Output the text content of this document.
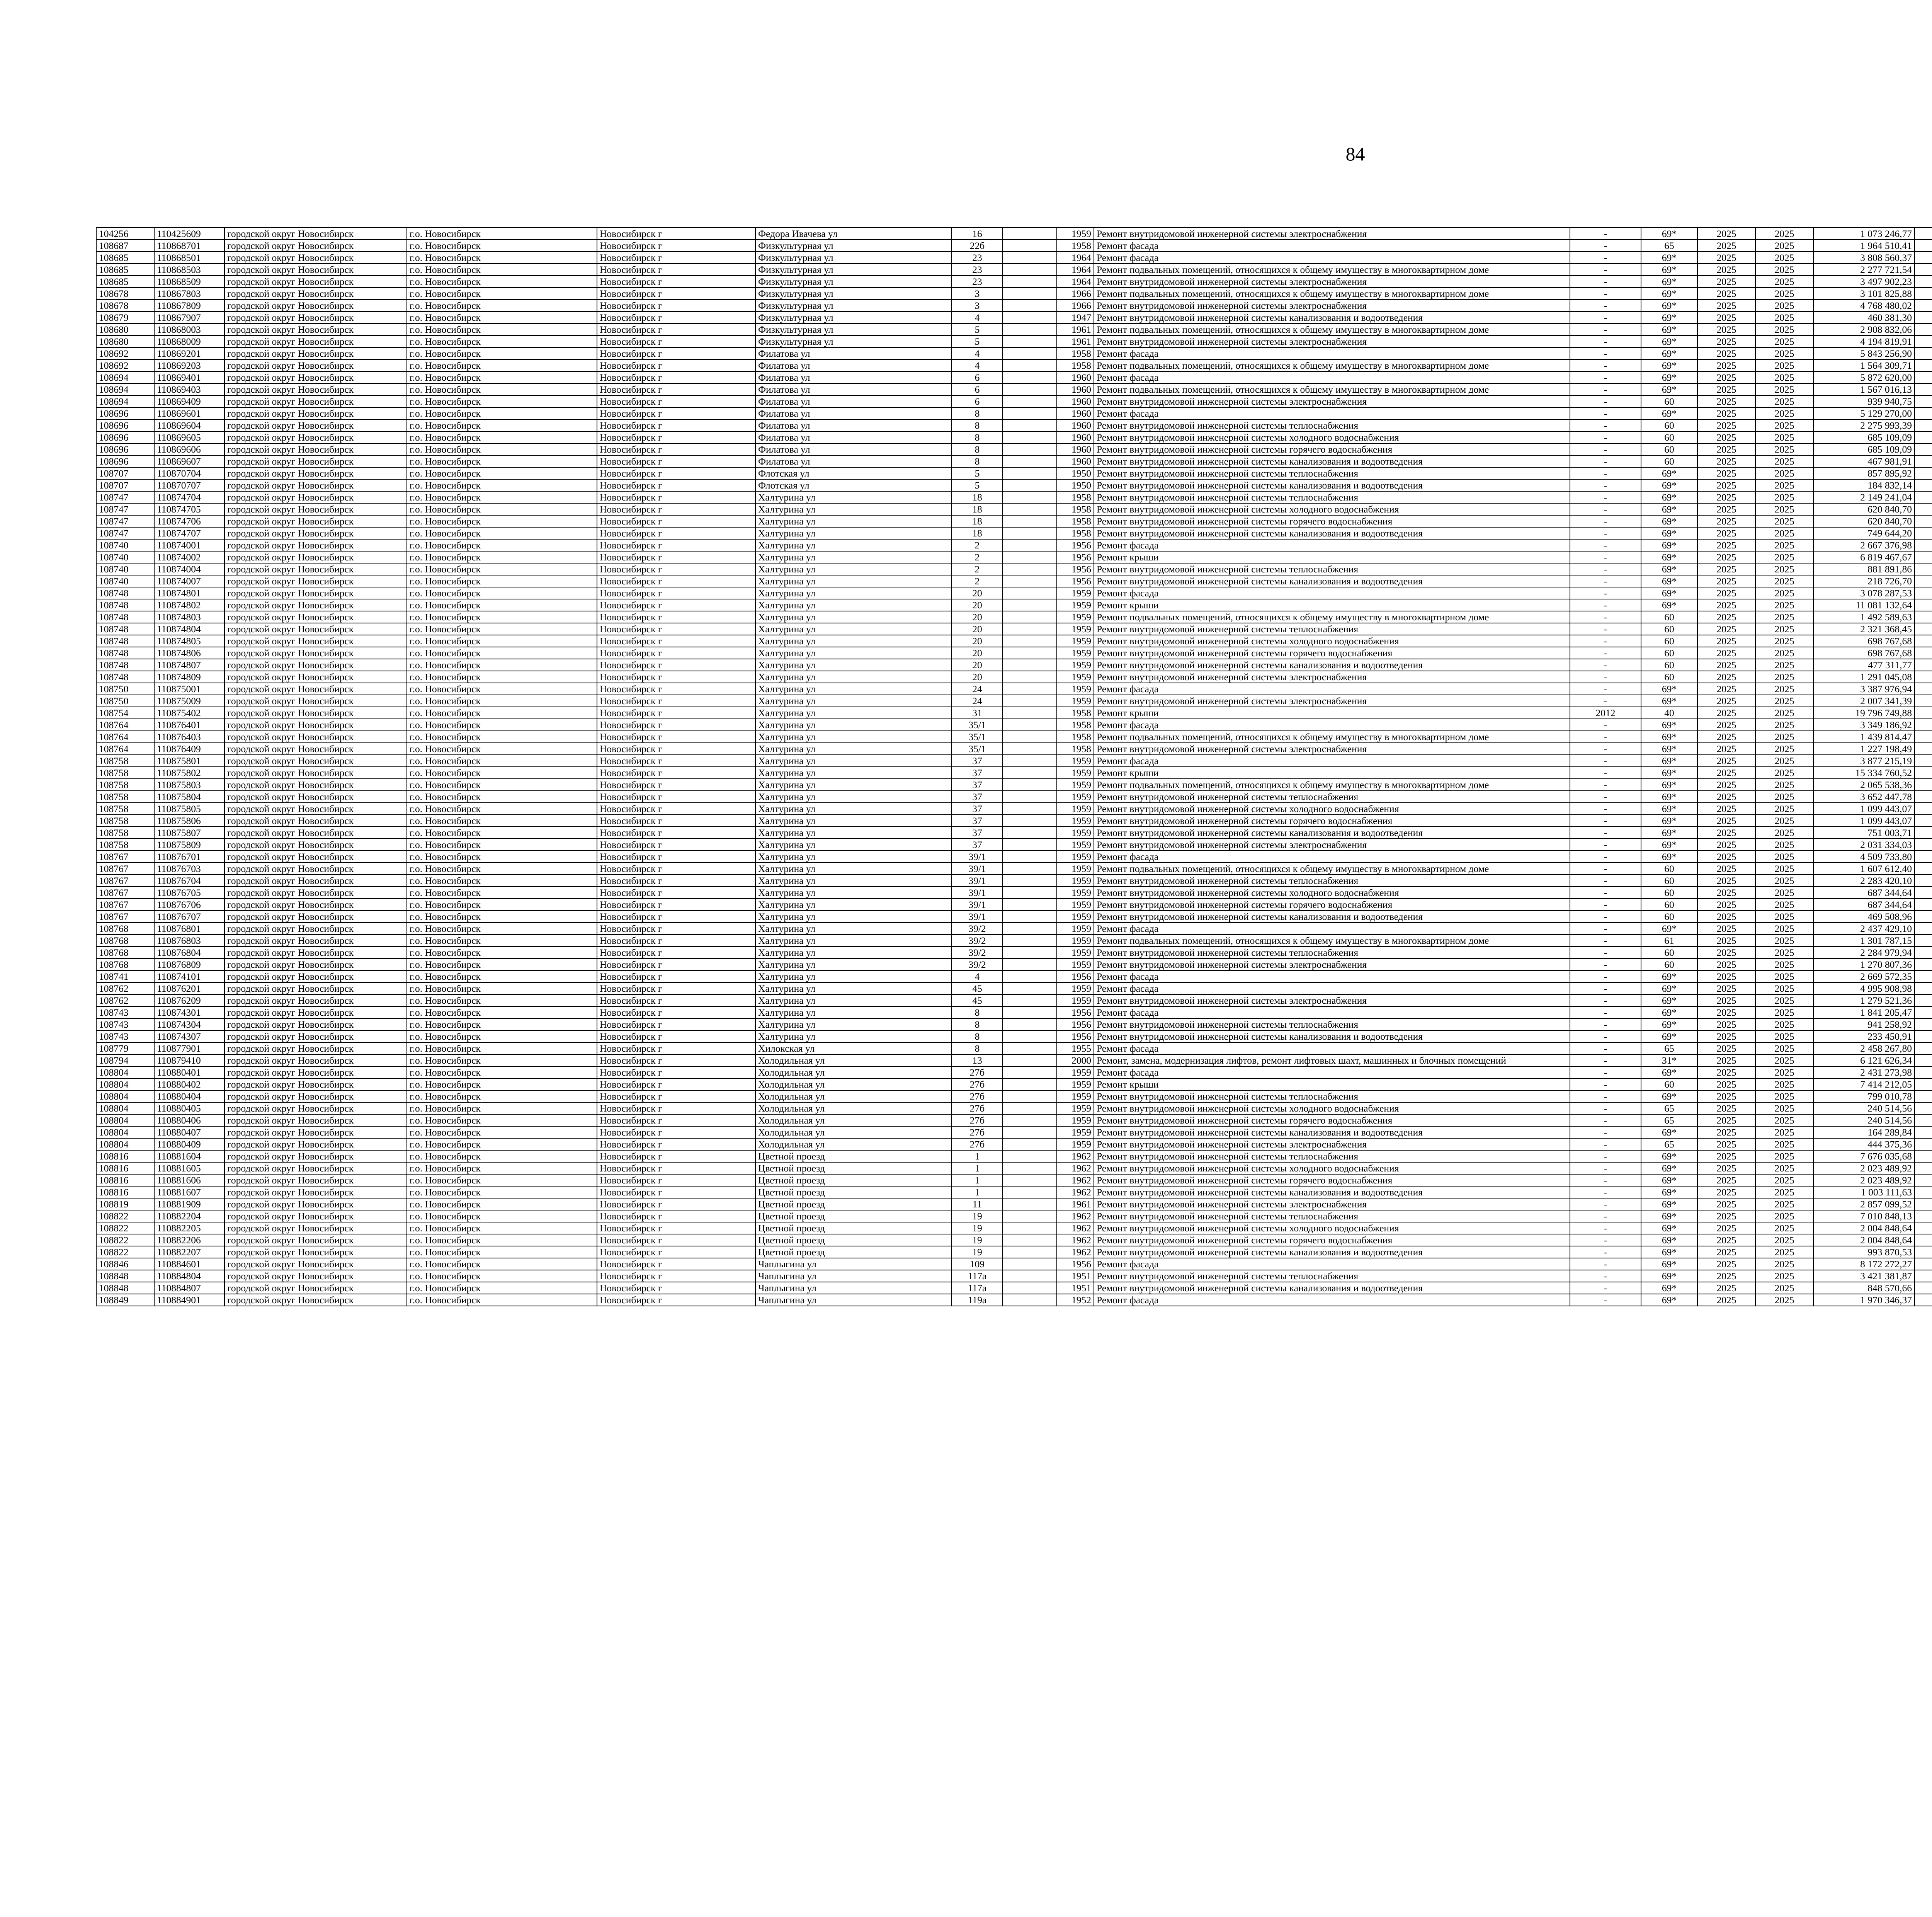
84
104256	110425609	городской округ Новосибирск	г.о. Новосибирск	Новосибирск г	Федора Ивачева ул	16		1959	Ремонт внутридомовой инженерной системы электроснабжения	-	69*	2025	2025	1 073 246,77						
108687	110868701	городской округ Новосибирск	г.о. Новосибирск	Новосибирск г	Физкультурная ул	22б		1958	Ремонт фасада	-	65	2025	2025	1 964 510,41						
108685	110868501	городской округ Новосибирск	г.о. Новосибирск	Новосибирск г	Физкультурная ул	23		1964	Ремонт фасада	-	69*	2025	2025	3 808 560,37						
108685	110868503	городской округ Новосибирск	г.о. Новосибирск	Новосибирск г	Физкультурная ул	23		1964	Ремонт подвальных помещений, относящихся к общему имуществу в многоквартирном доме	-	69*	2025	2025	2 277 721,54						
108685	110868509	городской округ Новосибирск	г.о. Новосибирск	Новосибирск г	Физкультурная ул	23		1964	Ремонт внутридомовой инженерной системы электроснабжения	-	69*	2025	2025	3 497 902,23						
108678	110867803	городской округ Новосибирск	г.о. Новосибирск	Новосибирск г	Физкультурная ул	3		1966	Ремонт подвальных помещений, относящихся к общему имуществу в многоквартирном доме	-	69*	2025	2025	3 101 825,88						
108678	110867809	городской округ Новосибирск	г.о. Новосибирск	Новосибирск г	Физкультурная ул	3		1966	Ремонт внутридомовой инженерной системы электроснабжения	-	69*	2025	2025	4 768 480,02						
108679	110867907	городской округ Новосибирск	г.о. Новосибирск	Новосибирск г	Физкультурная ул	4		1947	Ремонт внутридомовой инженерной системы канализования и водоотведения	-	69*	2025	2025	460 381,30						
108680	110868003	городской округ Новосибирск	г.о. Новосибирск	Новосибирск г	Физкультурная ул	5		1961	Ремонт подвальных помещений, относящихся к общему имуществу в многоквартирном доме	-	69*	2025	2025	2 908 832,06						
108680	110868009	городской округ Новосибирск	г.о. Новосибирск	Новосибирск г	Физкультурная ул	5		1961	Ремонт внутридомовой инженерной системы электроснабжения	-	69*	2025	2025	4 194 819,91						
108692	110869201	городской округ Новосибирск	г.о. Новосибирск	Новосибирск г	Филатова ул	4		1958	Ремонт фасада	-	69*	2025	2025	5 843 256,90						
108692	110869203	городской округ Новосибирск	г.о. Новосибирск	Новосибирск г	Филатова ул	4		1958	Ремонт подвальных помещений, относящихся к общему имуществу в многоквартирном доме	-	69*	2025	2025	1 564 309,71						
108694	110869401	городской округ Новосибирск	г.о. Новосибирск	Новосибирск г	Филатова ул	6		1960	Ремонт фасада	-	69*	2025	2025	5 872 620,00						
108694	110869403	городской округ Новосибирск	г.о. Новосибирск	Новосибирск г	Филатова ул	6		1960	Ремонт подвальных помещений, относящихся к общему имуществу в многоквартирном доме	-	69*	2025	2025	1 567 016,13						
108694	110869409	городской округ Новосибирск	г.о. Новосибирск	Новосибирск г	Филатова ул	6		1960	Ремонт внутридомовой инженерной системы электроснабжения	-	60	2025	2025	939 940,75						
108696	110869601	городской округ Новосибирск	г.о. Новосибирск	Новосибирск г	Филатова ул	8		1960	Ремонт фасада	-	69*	2025	2025	5 129 270,00						
108696	110869604	городской округ Новосибирск	г.о. Новосибирск	Новосибирск г	Филатова ул	8		1960	Ремонт внутридомовой инженерной системы теплоснабжения	-	60	2025	2025	2 275 993,39						
108696	110869605	городской округ Новосибирск	г.о. Новосибирск	Новосибирск г	Филатова ул	8		1960	Ремонт внутридомовой инженерной системы холодного водоснабжения	-	60	2025	2025	685 109,09						
108696	110869606	городской округ Новосибирск	г.о. Новосибирск	Новосибирск г	Филатова ул	8		1960	Ремонт внутридомовой инженерной системы горячего водоснабжения	-	60	2025	2025	685 109,09						
108696	110869607	городской округ Новосибирск	г.о. Новосибирск	Новосибирск г	Филатова ул	8		1960	Ремонт внутридомовой инженерной системы канализования и водоотведения	-	60	2025	2025	467 981,91						
108707	110870704	городской округ Новосибирск	г.о. Новосибирск	Новосибирск г	Флотская ул	5		1950	Ремонт внутридомовой инженерной системы теплоснабжения	-	69*	2025	2025	857 895,92						
108707	110870707	городской округ Новосибирск	г.о. Новосибирск	Новосибирск г	Флотская ул	5		1950	Ремонт внутридомовой инженерной системы канализования и водоотведения	-	69*	2025	2025	184 832,14						
108747	110874704	городской округ Новосибирск	г.о. Новосибирск	Новосибирск г	Халтурина ул	18		1958	Ремонт внутридомовой инженерной системы теплоснабжения	-	69*	2025	2025	2 149 241,04						
108747	110874705	городской округ Новосибирск	г.о. Новосибирск	Новосибирск г	Халтурина ул	18		1958	Ремонт внутридомовой инженерной системы холодного водоснабжения	-	69*	2025	2025	620 840,70						
108747	110874706	городской округ Новосибирск	г.о. Новосибирск	Новосибирск г	Халтурина ул	18		1958	Ремонт внутридомовой инженерной системы горячего водоснабжения	-	69*	2025	2025	620 840,70						
108747	110874707	городской округ Новосибирск	г.о. Новосибирск	Новосибирск г	Халтурина ул	18		1958	Ремонт внутридомовой инженерной системы канализования и водоотведения	-	69*	2025	2025	749 644,20						
108740	110874001	городской округ Новосибирск	г.о. Новосибирск	Новосибирск г	Халтурина ул	2		1956	Ремонт фасада	-	69*	2025	2025	2 667 376,98						
108740	110874002	городской округ Новосибирск	г.о. Новосибирск	Новосибирск г	Халтурина ул	2		1956	Ремонт крыши	-	69*	2025	2025	6 819 467,67						
108740	110874004	городской округ Новосибирск	г.о. Новосибирск	Новосибирск г	Халтурина ул	2		1956	Ремонт внутридомовой инженерной системы теплоснабжения	-	69*	2025	2025	881 891,86						
108740	110874007	городской округ Новосибирск	г.о. Новосибирск	Новосибирск г	Халтурина ул	2		1956	Ремонт внутридомовой инженерной системы канализования и водоотведения	-	69*	2025	2025	218 726,70						
108748	110874801	городской округ Новосибирск	г.о. Новосибирск	Новосибирск г	Халтурина ул	20		1959	Ремонт фасада	-	69*	2025	2025	3 078 287,53						
108748	110874802	городской округ Новосибирск	г.о. Новосибирск	Новосибирск г	Халтурина ул	20		1959	Ремонт крыши	-	69*	2025	2025	11 081 132,64						
108748	110874803	городской округ Новосибирск	г.о. Новосибирск	Новосибирск г	Халтурина ул	20		1959	Ремонт подвальных помещений, относящихся к общему имуществу в многоквартирном доме	-	60	2025	2025	1 492 589,63						
108748	110874804	городской округ Новосибирск	г.о. Новосибирск	Новосибирск г	Халтурина ул	20		1959	Ремонт внутридомовой инженерной системы теплоснабжения	-	60	2025	2025	2 321 368,45						
108748	110874805	городской округ Новосибирск	г.о. Новосибирск	Новосибирск г	Халтурина ул	20		1959	Ремонт внутридомовой инженерной системы холодного водоснабжения	-	60	2025	2025	698 767,68						
108748	110874806	городской округ Новосибирск	г.о. Новосибирск	Новосибирск г	Халтурина ул	20		1959	Ремонт внутридомовой инженерной системы горячего водоснабжения	-	60	2025	2025	698 767,68						
108748	110874807	городской округ Новосибирск	г.о. Новосибирск	Новосибирск г	Халтурина ул	20		1959	Ремонт внутридомовой инженерной системы канализования и водоотведения	-	60	2025	2025	477 311,77						
108748	110874809	городской округ Новосибирск	г.о. Новосибирск	Новосибирск г	Халтурина ул	20		1959	Ремонт внутридомовой инженерной системы электроснабжения	-	60	2025	2025	1 291 045,08						
108750	110875001	городской округ Новосибирск	г.о. Новосибирск	Новосибирск г	Халтурина ул	24		1959	Ремонт фасада	-	69*	2025	2025	3 387 976,94						
108750	110875009	городской округ Новосибирск	г.о. Новосибирск	Новосибирск г	Халтурина ул	24		1959	Ремонт внутридомовой инженерной системы электроснабжения	-	69*	2025	2025	2 007 341,39						
108754	110875402	городской округ Новосибирск	г.о. Новосибирск	Новосибирск г	Халтурина ул	31		1958	Ремонт крыши	2012	40	2025	2025	19 796 749,88						
108764	110876401	городской округ Новосибирск	г.о. Новосибирск	Новосибирск г	Халтурина ул	35/1		1958	Ремонт фасада	-	69*	2025	2025	3 349 186,92						
108764	110876403	городской округ Новосибирск	г.о. Новосибирск	Новосибирск г	Халтурина ул	35/1		1958	Ремонт подвальных помещений, относящихся к общему имуществу в многоквартирном доме	-	69*	2025	2025	1 439 814,47						
108764	110876409	городской округ Новосибирск	г.о. Новосибирск	Новосибирск г	Халтурина ул	35/1		1958	Ремонт внутридомовой инженерной системы электроснабжения	-	69*	2025	2025	1 227 198,49						
108758	110875801	городской округ Новосибирск	г.о. Новосибирск	Новосибирск г	Халтурина ул	37		1959	Ремонт фасада	-	69*	2025	2025	3 877 215,19						
108758	110875802	городской округ Новосибирск	г.о. Новосибирск	Новосибирск г	Халтурина ул	37		1959	Ремонт крыши	-	69*	2025	2025	15 334 760,52						
108758	110875803	городской округ Новосибирск	г.о. Новосибирск	Новосибирск г	Халтурина ул	37		1959	Ремонт подвальных помещений, относящихся к общему имуществу в многоквартирном доме	-	69*	2025	2025	2 065 538,36						
108758	110875804	городской округ Новосибирск	г.о. Новосибирск	Новосибирск г	Халтурина ул	37		1959	Ремонт внутридомовой инженерной системы теплоснабжения	-	69*	2025	2025	3 652 447,78						
108758	110875805	городской округ Новосибирск	г.о. Новосибирск	Новосибирск г	Халтурина ул	37		1959	Ремонт внутридомовой инженерной системы холодного водоснабжения	-	69*	2025	2025	1 099 443,07						
108758	110875806	городской округ Новосибирск	г.о. Новосибирск	Новосибирск г	Халтурина ул	37		1959	Ремонт внутридомовой инженерной системы горячего водоснабжения	-	69*	2025	2025	1 099 443,07						
108758	110875807	городской округ Новосибирск	г.о. Новосибирск	Новосибирск г	Халтурина ул	37		1959	Ремонт внутридомовой инженерной системы канализования и водоотведения	-	69*	2025	2025	751 003,71						
108758	110875809	городской округ Новосибирск	г.о. Новосибирск	Новосибирск г	Халтурина ул	37		1959	Ремонт внутридомовой инженерной системы электроснабжения	-	69*	2025	2025	2 031 334,03						
108767	110876701	городской округ Новосибирск	г.о. Новосибирск	Новосибирск г	Халтурина ул	39/1		1959	Ремонт фасада	-	69*	2025	2025	4 509 733,80						
108767	110876703	городской округ Новосибирск	г.о. Новосибирск	Новосибирск г	Халтурина ул	39/1		1959	Ремонт подвальных помещений, относящихся к общему имуществу в многоквартирном доме	-	60	2025	2025	1 607 612,40						
108767	110876704	городской округ Новосибирск	г.о. Новосибирск	Новосибирск г	Халтурина ул	39/1		1959	Ремонт внутридомовой инженерной системы теплоснабжения	-	60	2025	2025	2 283 420,10						
108767	110876705	городской округ Новосибирск	г.о. Новосибирск	Новосибирск г	Халтурина ул	39/1		1959	Ремонт внутридомовой инженерной системы холодного водоснабжения	-	60	2025	2025	687 344,64						
108767	110876706	городской округ Новосибирск	г.о. Новосибирск	Новосибирск г	Халтурина ул	39/1		1959	Ремонт внутридомовой инженерной системы горячего водоснабжения	-	60	2025	2025	687 344,64						
108767	110876707	городской округ Новосибирск	г.о. Новосибирск	Новосибирск г	Халтурина ул	39/1		1959	Ремонт внутридомовой инженерной системы канализования и водоотведения	-	60	2025	2025	469 508,96						
108768	110876801	городской округ Новосибирск	г.о. Новосибирск	Новосибирск г	Халтурина ул	39/2		1959	Ремонт фасада	-	69*	2025	2025	2 437 429,10						
108768	110876803	городской округ Новосибирск	г.о. Новосибирск	Новосибирск г	Халтурина ул	39/2		1959	Ремонт подвальных помещений, относящихся к общему имуществу в многоквартирном доме	-	61	2025	2025	1 301 787,15						
108768	110876804	городской округ Новосибирск	г.о. Новосибирск	Новосибирск г	Халтурина ул	39/2		1959	Ремонт внутридомовой инженерной системы теплоснабжения	-	60	2025	2025	2 284 979,94						
108768	110876809	городской округ Новосибирск	г.о. Новосибирск	Новосибирск г	Халтурина ул	39/2		1959	Ремонт внутридомовой инженерной системы электроснабжения	-	60	2025	2025	1 270 807,36						
108741	110874101	городской округ Новосибирск	г.о. Новосибирск	Новосибирск г	Халтурина ул	4		1956	Ремонт фасада	-	69*	2025	2025	2 669 572,35						
108762	110876201	городской округ Новосибирск	г.о. Новосибирск	Новосибирск г	Халтурина ул	45		1959	Ремонт фасада	-	69*	2025	2025	4 995 908,98						
108762	110876209	городской округ Новосибирск	г.о. Новосибирск	Новосибирск г	Халтурина ул	45		1959	Ремонт внутридомовой инженерной системы электроснабжения	-	69*	2025	2025	1 279 521,36						
108743	110874301	городской округ Новосибирск	г.о. Новосибирск	Новосибирск г	Халтурина ул	8		1956	Ремонт фасада	-	69*	2025	2025	1 841 205,47						
108743	110874304	городской округ Новосибирск	г.о. Новосибирск	Новосибирск г	Халтурина ул	8		1956	Ремонт внутридомовой инженерной системы теплоснабжения	-	69*	2025	2025	941 258,92						
108743	110874307	городской округ Новосибирск	г.о. Новосибирск	Новосибирск г	Халтурина ул	8		1956	Ремонт внутридомовой инженерной системы канализования и водоотведения	-	69*	2025	2025	233 450,91						
108779	110877901	городской округ Новосибирск	г.о. Новосибирск	Новосибирск г	Хилокская ул	8		1955	Ремонт фасада	-	65	2025	2025	2 458 267,80						
108794	110879410	городской округ Новосибирск	г.о. Новосибирск	Новосибирск г	Холодильная ул	13		2000	Ремонт, замена, модернизация лифтов, ремонт лифтовых шахт, машинных и блочных помещений	-	31*	2025	2025	6 121 626,34						
108804	110880401	городской округ Новосибирск	г.о. Новосибирск	Новосибирск г	Холодильная ул	27б		1959	Ремонт фасада	-	69*	2025	2025	2 431 273,98						
108804	110880402	городской округ Новосибирск	г.о. Новосибирск	Новосибирск г	Холодильная ул	27б		1959	Ремонт крыши	-	60	2025	2025	7 414 212,05						
108804	110880404	городской округ Новосибирск	г.о. Новосибирск	Новосибирск г	Холодильная ул	27б		1959	Ремонт внутридомовой инженерной системы теплоснабжения	-	69*	2025	2025	799 010,78						
108804	110880405	городской округ Новосибирск	г.о. Новосибирск	Новосибирск г	Холодильная ул	27б		1959	Ремонт внутридомовой инженерной системы холодного водоснабжения	-	65	2025	2025	240 514,56						
108804	110880406	городской округ Новосибирск	г.о. Новосибирск	Новосибирск г	Холодильная ул	27б		1959	Ремонт внутридомовой инженерной системы горячего водоснабжения	-	65	2025	2025	240 514,56						
108804	110880407	городской округ Новосибирск	г.о. Новосибирск	Новосибирск г	Холодильная ул	27б		1959	Ремонт внутридомовой инженерной системы канализования и водоотведения	-	69*	2025	2025	164 289,84						
108804	110880409	городской округ Новосибирск	г.о. Новосибирск	Новосибирск г	Холодильная ул	27б		1959	Ремонт внутридомовой инженерной системы электроснабжения	-	65	2025	2025	444 375,36						
108816	110881604	городской округ Новосибирск	г.о. Новосибирск	Новосибирск г	Цветной проезд	1		1962	Ремонт внутридомовой инженерной системы теплоснабжения	-	69*	2025	2025	7 676 035,68						
108816	110881605	городской округ Новосибирск	г.о. Новосибирск	Новосибирск г	Цветной проезд	1		1962	Ремонт внутридомовой инженерной системы холодного водоснабжения	-	69*	2025	2025	2 023 489,92						
108816	110881606	городской округ Новосибирск	г.о. Новосибирск	Новосибирск г	Цветной проезд	1		1962	Ремонт внутридомовой инженерной системы горячего водоснабжения	-	69*	2025	2025	2 023 489,92						
108816	110881607	городской округ Новосибирск	г.о. Новосибирск	Новосибирск г	Цветной проезд	1		1962	Ремонт внутридомовой инженерной системы канализования и водоотведения	-	69*	2025	2025	1 003 111,63						
108819	110881909	городской округ Новосибирск	г.о. Новосибирск	Новосибирск г	Цветной проезд	11		1961	Ремонт внутридомовой инженерной системы электроснабжения	-	69*	2025	2025	2 857 099,52						
108822	110882204	городской округ Новосибирск	г.о. Новосибирск	Новосибирск г	Цветной проезд	19		1962	Ремонт внутридомовой инженерной системы теплоснабжения	-	69*	2025	2025	7 010 848,13						
108822	110882205	городской округ Новосибирск	г.о. Новосибирск	Новосибирск г	Цветной проезд	19		1962	Ремонт внутридомовой инженерной системы холодного водоснабжения	-	69*	2025	2025	2 004 848,64						
108822	110882206	городской округ Новосибирск	г.о. Новосибирск	Новосибирск г	Цветной проезд	19		1962	Ремонт внутридомовой инженерной системы горячего водоснабжения	-	69*	2025	2025	2 004 848,64						
108822	110882207	городской округ Новосибирск	г.о. Новосибирск	Новосибирск г	Цветной проезд	19		1962	Ремонт внутридомовой инженерной системы канализования и водоотведения	-	69*	2025	2025	993 870,53						
108846	110884601	городской округ Новосибирск	г.о. Новосибирск	Новосибирск г	Чаплыгина ул	109		1956	Ремонт фасада	-	69*	2025	2025	8 172 272,27						
108848	110884804	городской округ Новосибирск	г.о. Новосибирск	Новосибирск г	Чаплыгина ул	117а		1951	Ремонт внутридомовой инженерной системы теплоснабжения	-	69*	2025	2025	3 421 381,87						
108848	110884807	городской округ Новосибирск	г.о. Новосибирск	Новосибирск г	Чаплыгина ул	117а		1951	Ремонт внутридомовой инженерной системы канализования и водоотведения	-	69*	2025	2025	848 570,66						
108849	110884901	городской округ Новосибирск	г.о. Новосибирск	Новосибирск г	Чаплыгина ул	119а		1952	Ремонт фасада	-	69*	2025	2025	1 970 346,37						
